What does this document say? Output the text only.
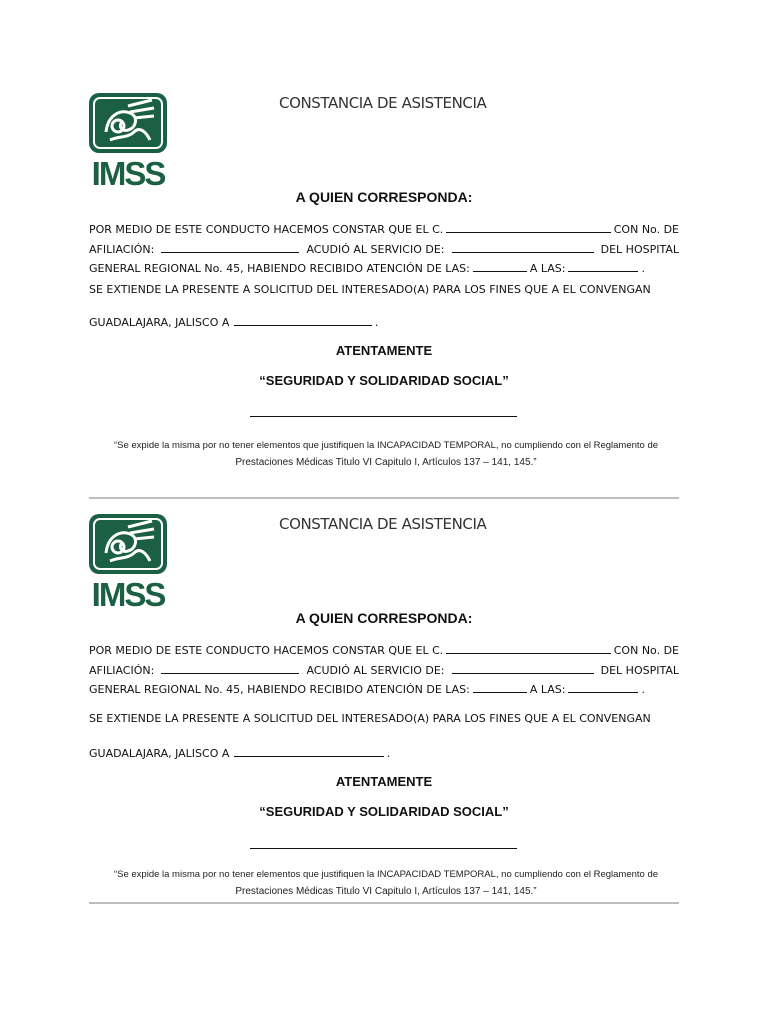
IMSS
CONSTANCIA DE ASISTENCIA
A QUIEN CORRESPONDA:
POR MEDIO DE ESTE CONDUCTO HACEMOS CONSTAR QUE EL C.	CON No. DE
AFILIACIÓN:	ACUDIÓ AL SERVICIO DE:	DEL HOSPITAL
GENERAL REGIONAL No. 45, HABIENDO RECIBIDO ATENCIÓN DE LAS:	A LAS:	.
SE EXTIENDE LA PRESENTE A SOLICITUD DEL INTERESADO(A) PARA LOS FINES QUE A EL CONVENGAN
GUADALAJARA, JALISCO A	.
ATENTAMENTE
“SEGURIDAD Y SOLIDARIDAD SOCIAL”
“Se expide la misma por no tener elementos que justifiquen la INCAPACIDAD TEMPORAL, no cumpliendo con el Reglamento de
Prestaciones Médicas Titulo VI Capitulo I, Artículos 137 – 141, 145.”
IMSS
CONSTANCIA DE ASISTENCIA
A QUIEN CORRESPONDA:
POR MEDIO DE ESTE CONDUCTO HACEMOS CONSTAR QUE EL C.	CON No. DE
AFILIACIÓN:	ACUDIÓ AL SERVICIO DE:	DEL HOSPITAL
GENERAL REGIONAL No. 45, HABIENDO RECIBIDO ATENCIÓN DE LAS:	A LAS:	.
SE EXTIENDE LA PRESENTE A SOLICITUD DEL INTERESADO(A) PARA LOS FINES QUE A EL CONVENGAN
GUADALAJARA, JALISCO A	.
ATENTAMENTE
“SEGURIDAD Y SOLIDARIDAD SOCIAL”
“Se expide la misma por no tener elementos que justifiquen la INCAPACIDAD TEMPORAL, no cumpliendo con el Reglamento de
Prestaciones Médicas Titulo VI Capitulo I, Artículos 137 – 141, 145.”
